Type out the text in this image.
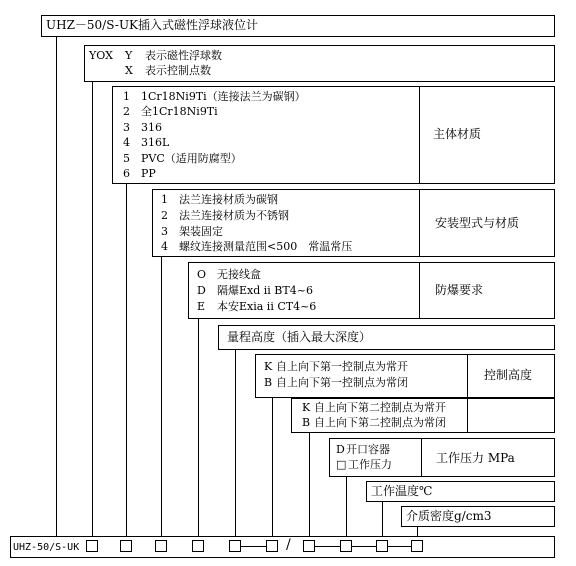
UHZ－50/S-UK插入式磁性浮球液位计
YOX Y 表示磁性浮球数
X 表示控制点数
1 1Cr18Ni9Ti（连接法兰为碳钢）
2 全1Cr18Ni9Ti
3 316
4 316L
5 PVC（适用防腐型）
6 PP
主体材质
1 法兰连接材质为碳钢
2 法兰连接材质为不锈钢
3 架装固定
4 螺纹连接测量范围<500　常温常压
安装型式与材质
O 无接线盒
D 隔爆Exd ii BT4~6
E 本安Exia ii CT4~6
防爆要求
量程高度（插入最大深度）
K 自上向下第一控制点为常开
B 自上向下第一控制点为常闭
控制高度
K 自上向下第二控制点为常开
B 自上向下第二控制点为常闭
D 开口容器
□ 工作压力	工作压力 MPa
工作温度℃
介质密度g/cm3
UHZ-50/S-UK	/
